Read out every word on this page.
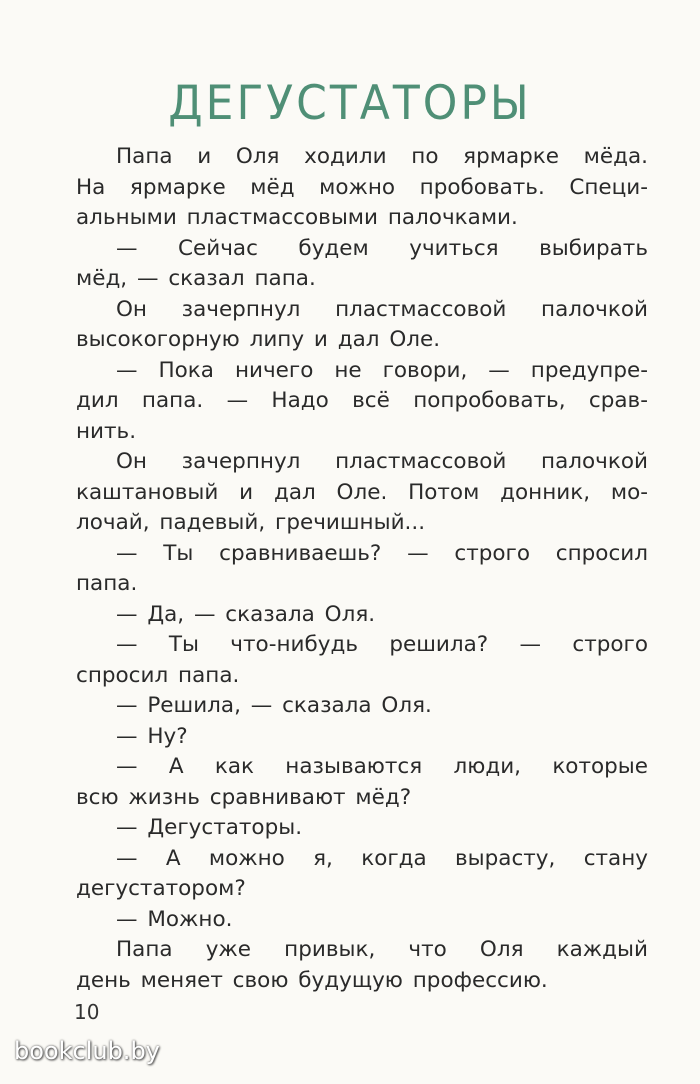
ДЕГУСТАТОРЫ
Папа и Оля ходили по ярмарке мёда.
На ярмарке мёд можно пробовать. Специ-
альными пластмассовыми палочками.
— Сейчас будем учиться выбирать
мёд, — сказал папа.
Он зачерпнул пластмассовой палочкой
высокогорную липу и дал Оле.
— Пока ничего не говори, — предупре-
дил папа. — Надо всё попробовать, срав-
нить.
Он зачерпнул пластмассовой палочкой
каштановый и дал Оле. Потом донник, мо-
лочай, падевый, гречишный...
— Ты сравниваешь? — строго спросил
папа.
— Да, — сказала Оля.
— Ты что-нибудь решила? — строго
спросил папа.
— Решила, — сказала Оля.
— Ну?
— А как называются люди, которые
всю жизнь сравнивают мёд?
— Дегустаторы.
— А можно я, когда вырасту, стану
дегустатором?
— Можно.
Папа уже привык, что Оля каждый
день меняет свою будущую профессию.
10
bookclub.by
